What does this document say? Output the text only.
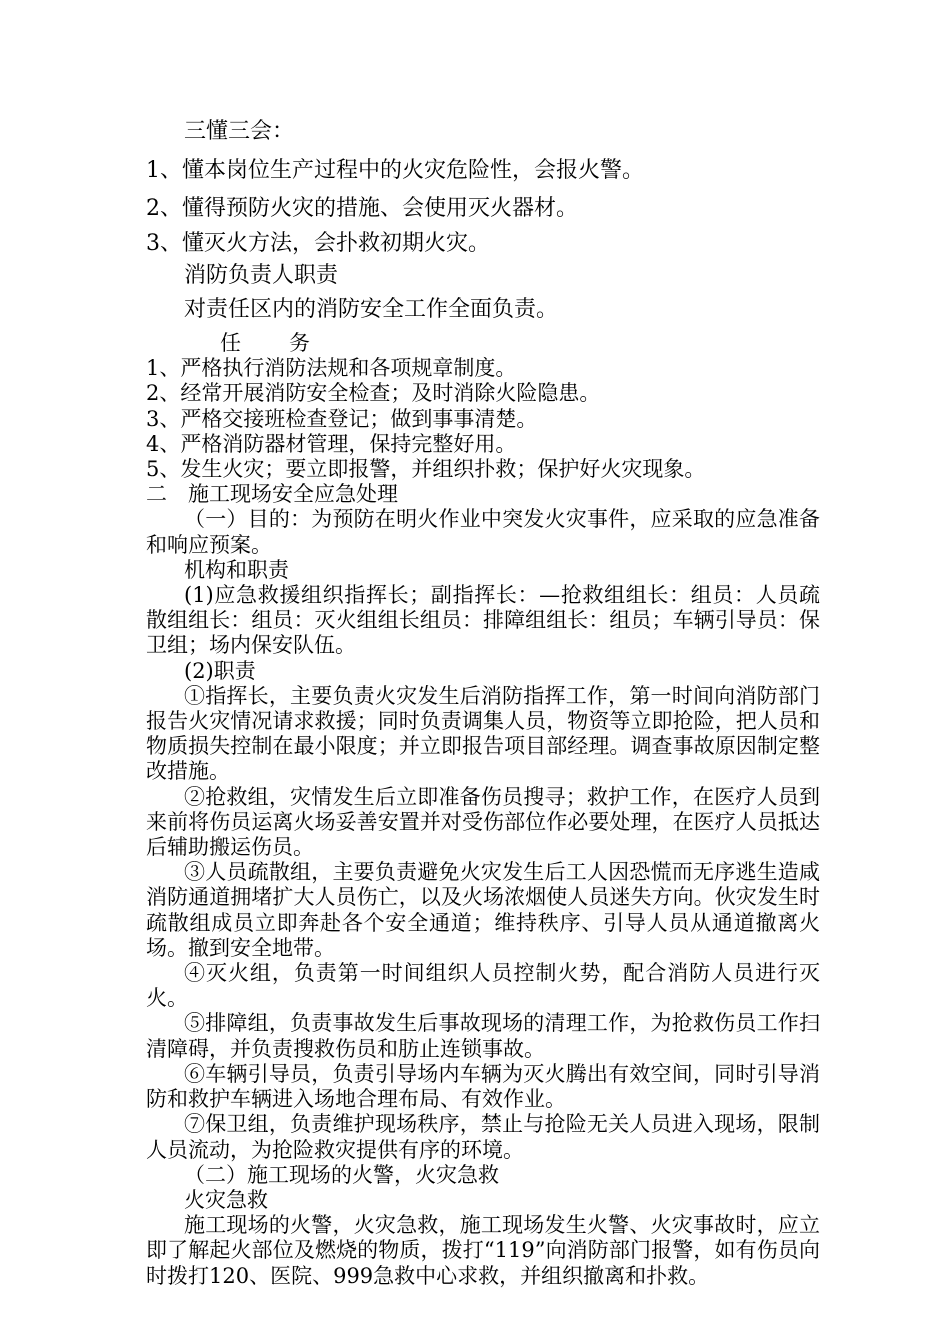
三懂三会：

1、懂本岗位生产过程中的火灾危险性，会报火警。

2、懂得预防火灾的措施、会使用灭火器材。

3、懂灭火方法，会扑救初期火灾。

消防负责人职责

对责任区内的消防安全工作全面负责。

任 务

1、严格执行消防法规和各项规章制度。

2、经常开展消防安全检查；及时消除火险隐患。

3、严格交接班检查登记；做到事事清楚。

4、严格消防器材管理，保持完整好用。

5、发生火灾；要立即报警，并组织扑救；保护好火灾现象。

二　施工现场安全应急处理

（一）目的：为预防在明火作业中突发火灾事件，应采取的应急准备和响应预案。

机构和职责

(1)应急救援组织指挥长；副指挥长：—抢救组组长：组员：人员疏散组组长：组员：灭火组组长组员：排障组组长：组员；车辆引导员：保卫组；场内保安队伍。

(2)职责

①指挥长，主要负责火灾发生后消防指挥工作，第一时间向消防部门报告火灾情况请求救援；同时负责调集人员，物资等立即抢险，把人员和物质损失控制在最小限度；并立即报告项目部经理。调查事故原因制定整改措施。

②抢救组，灾情发生后立即准备伤员搜寻；救护工作，在医疗人员到来前将伤员运离火场妥善安置并对受伤部位作必要处理，在医疗人员抵达后辅助搬运伤员。

③人员疏散组，主要负责避免火灾发生后工人因恐慌而无序逃生造咸消防通道拥堵扩大人员伤亡，以及火场浓烟使人员迷失方向。伙灾发生时疏散组成员立即奔赴各个安全通道；维持秩序、引导人员从通道撤离火场。撤到安全地带。

④灭火组，负责第一时间组织人员控制火势，配合消防人员进行灭火。

⑤排障组，负责事故发生后事故现场的清理工作，为抢救伤员工作扫清障碍，并负责搜救伤员和肪止连锁事故。

⑥车辆引导员，负责引导场内车辆为灭火腾出有效空间，同时引导消防和救护车辆进入场地合理布局、有效作业。

⑦保卫组，负责维护现场秩序，禁止与抢险无关人员进入现场，限制人员流动，为抢险救灾提供有序的环境。

（二）施工现场的火警，火灾急救

火灾急救

施工现场的火警，火灾急救，施工现场发生火警、火灾事故时，应立即了解起火部位及燃烧的物质，拨打“119”向消防部门报警，如有伤员向时拨打120、医院、999急救中心求救，并组织撤离和扑救。
